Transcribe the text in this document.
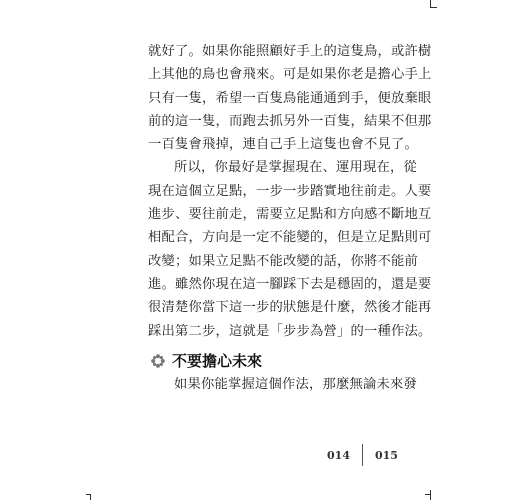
就好了。如果你能照顧好手上的這隻鳥，或許樹
上其他的鳥也會飛來。可是如果你老是擔心手上
只有一隻，希望一百隻鳥能通通到手，便放棄眼
前的這一隻，而跑去抓另外一百隻，結果不但那
一百隻會飛掉，連自己手上這隻也會不見了。

所以，你最好是掌握現在、運用現在，從
現在這個立足點，一步一步踏實地往前走。人要
進步、要往前走，需要立足點和方向感不斷地互
相配合，方向是一定不能變的，但是立足點則可
改變；如果立足點不能改變的話，你將不能前
進。雖然你現在這一腳踩下去是穩固的，還是要
很清楚你當下這一步的狀態是什麼，然後才能再
踩出第二步，這就是「步步為營」的一種作法。

不要擔心未來

如果你能掌握這個作法，那麼無論未來發

014 015
